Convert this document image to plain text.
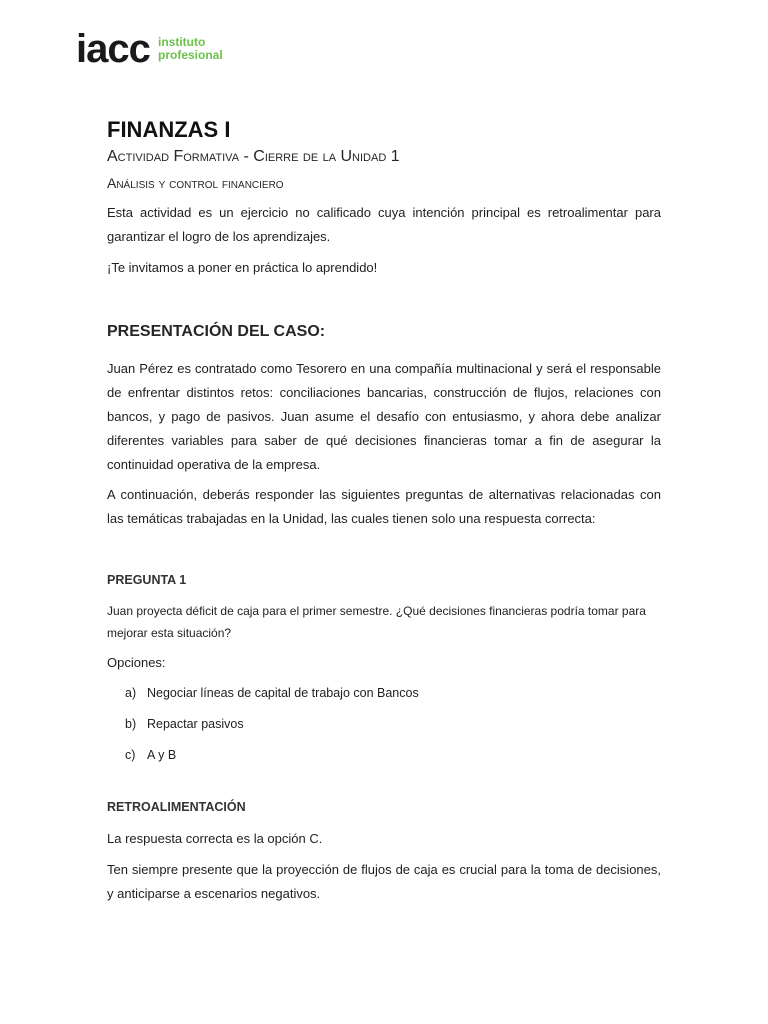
iacc instituto
profesional
FINANZAS I
Actividad Formativa - Cierre de la Unidad 1
Análisis y control financiero
Esta actividad es un ejercicio no calificado cuya intención principal es retroalimentar para garantizar el logro de los aprendizajes.
¡Te invitamos a poner en práctica lo aprendido!
PRESENTACIÓN DEL CASO:
Juan Pérez es contratado como Tesorero en una compañía multinacional y será el responsable de enfrentar distintos retos: conciliaciones bancarias, construcción de flujos, relaciones con bancos, y pago de pasivos. Juan asume el desafío con entusiasmo, y ahora debe analizar diferentes variables para saber de qué decisiones financieras tomar a fin de asegurar la continuidad operativa de la empresa.
A continuación, deberás responder las siguientes preguntas de alternativas relacionadas con las temáticas trabajadas en la Unidad, las cuales tienen solo una respuesta correcta:
PREGUNTA 1
Juan proyecta déficit de caja para el primer semestre. ¿Qué decisiones financieras podría tomar para mejorar esta situación?
Opciones:
a) Negociar líneas de capital de trabajo con Bancos
b) Repactar pasivos
c) A y B
RETROALIMENTACIÓN
La respuesta correcta es la opción C.
Ten siempre presente que la proyección de flujos de caja es crucial para la toma de decisiones, y anticiparse a escenarios negativos.
